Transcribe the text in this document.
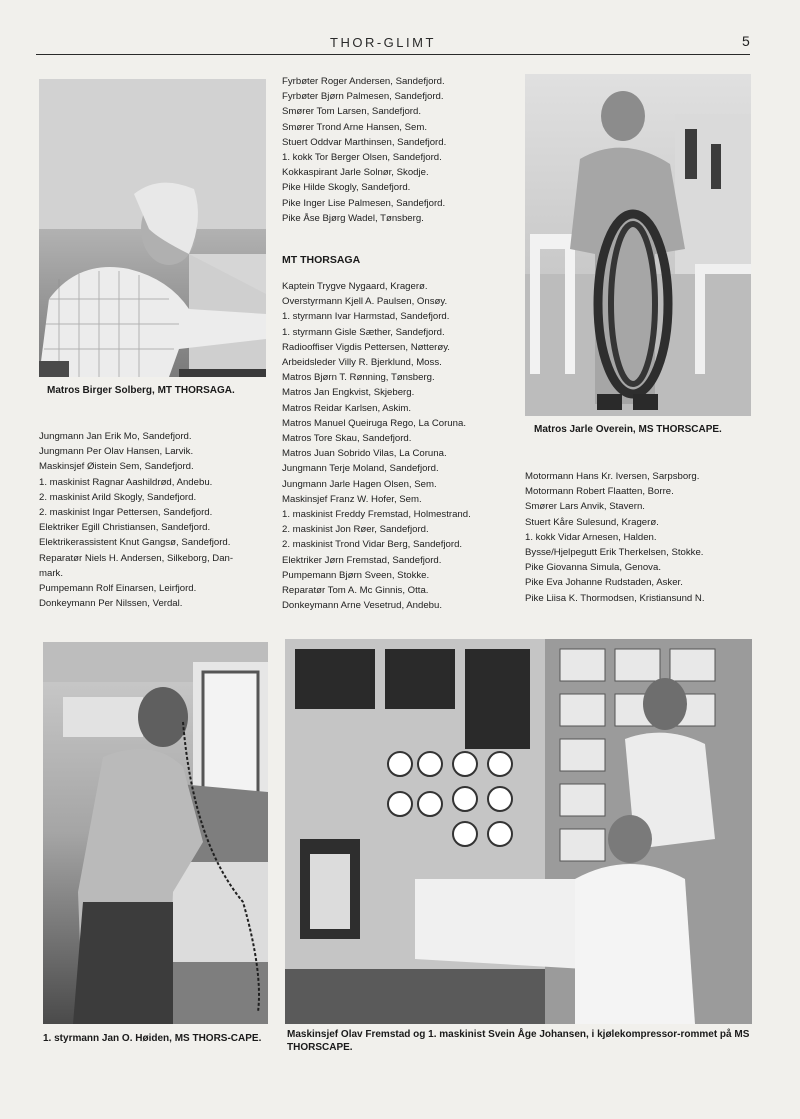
THOR-GLIMT	5
Matros Birger Solberg, MT THORSAGA.
Jungmann Jan Erik Mo, Sandefjord.
Jungmann Per Olav Hansen, Larvik.
Maskinsjef Øistein Sem, Sandefjord.
1. maskinist Ragnar Aashildrød, Andebu.
2. maskinist Arild Skogly, Sandefjord.
2. maskinist Ingar Pettersen, Sandefjord.
Elektriker Egill Christiansen, Sandefjord.
Elektrikerassistent Knut Gangsø, Sandefjord.
Reparatør Niels H. Andersen, Silkeborg, Dan-
mark.
Pumpemann Rolf Einarsen, Leirfjord.
Donkeymann Per Nilssen, Verdal.
Fyrbøter Roger Andersen, Sandefjord.
Fyrbøter Bjørn Palmesen, Sandefjord.
Smører Tom Larsen, Sandefjord.
Smører Trond Arne Hansen, Sem.
Stuert Oddvar Marthinsen, Sandefjord.
1. kokk Tor Berger Olsen, Sandefjord.
Kokkaspirant Jarle Solnør, Skodje.
Pike Hilde Skogly, Sandefjord.
Pike Inger Lise Palmesen, Sandefjord.
Pike Åse Bjørg Wadel, Tønsberg.
MT THORSAGA
Kaptein Trygve Nygaard, Kragerø.
Overstyrmann Kjell A. Paulsen, Onsøy.
1. styrmann Ivar Harmstad, Sandefjord.
1. styrmann Gisle Sæther, Sandefjord.
Radiooffiser Vigdis Pettersen, Nøtterøy.
Arbeidsleder Villy R. Bjerklund, Moss.
Matros Bjørn T. Rønning, Tønsberg.
Matros Jan Engkvist, Skjeberg.
Matros Reidar Karlsen, Askim.
Matros Manuel Queiruga Rego, La Coruna.
Matros Tore Skau, Sandefjord.
Matros Juan Sobrido Vilas, La Coruna.
Jungmann Terje Moland, Sandefjord.
Jungmann Jarle Hagen Olsen, Sem.
Maskinsjef Franz W. Hofer, Sem.
1. maskinist Freddy Fremstad, Holmestrand.
2. maskinist Jon Røer, Sandefjord.
2. maskinist Trond Vidar Berg, Sandefjord.
Elektriker Jørn Fremstad, Sandefjord.
Pumpemann Bjørn Sveen, Stokke.
Reparatør Tom A. Mc Ginnis, Otta.
Donkeymann Arne Vesetrud, Andebu.
Matros Jarle Overein, MS THORSCAPE.
Motormann Hans Kr. Iversen, Sarpsborg.
Motormann Robert Flaatten, Borre.
Smører Lars Anvik, Stavern.
Stuert Kåre Sulesund, Kragerø.
1. kokk Vidar Arnesen, Halden.
Bysse/Hjelpegutt Erik Therkelsen, Stokke.
Pike Giovanna Simula, Genova.
Pike Eva Johanne Rudstaden, Asker.
Pike Liisa K. Thormodsen, Kristiansund N.
1. styrmann Jan O. Høiden, MS THORS-CAPE.	Maskinsjef Olav Fremstad og 1. maskinist Svein Åge Johansen, i kjølekompressor-rommet på MS THORSCAPE.
